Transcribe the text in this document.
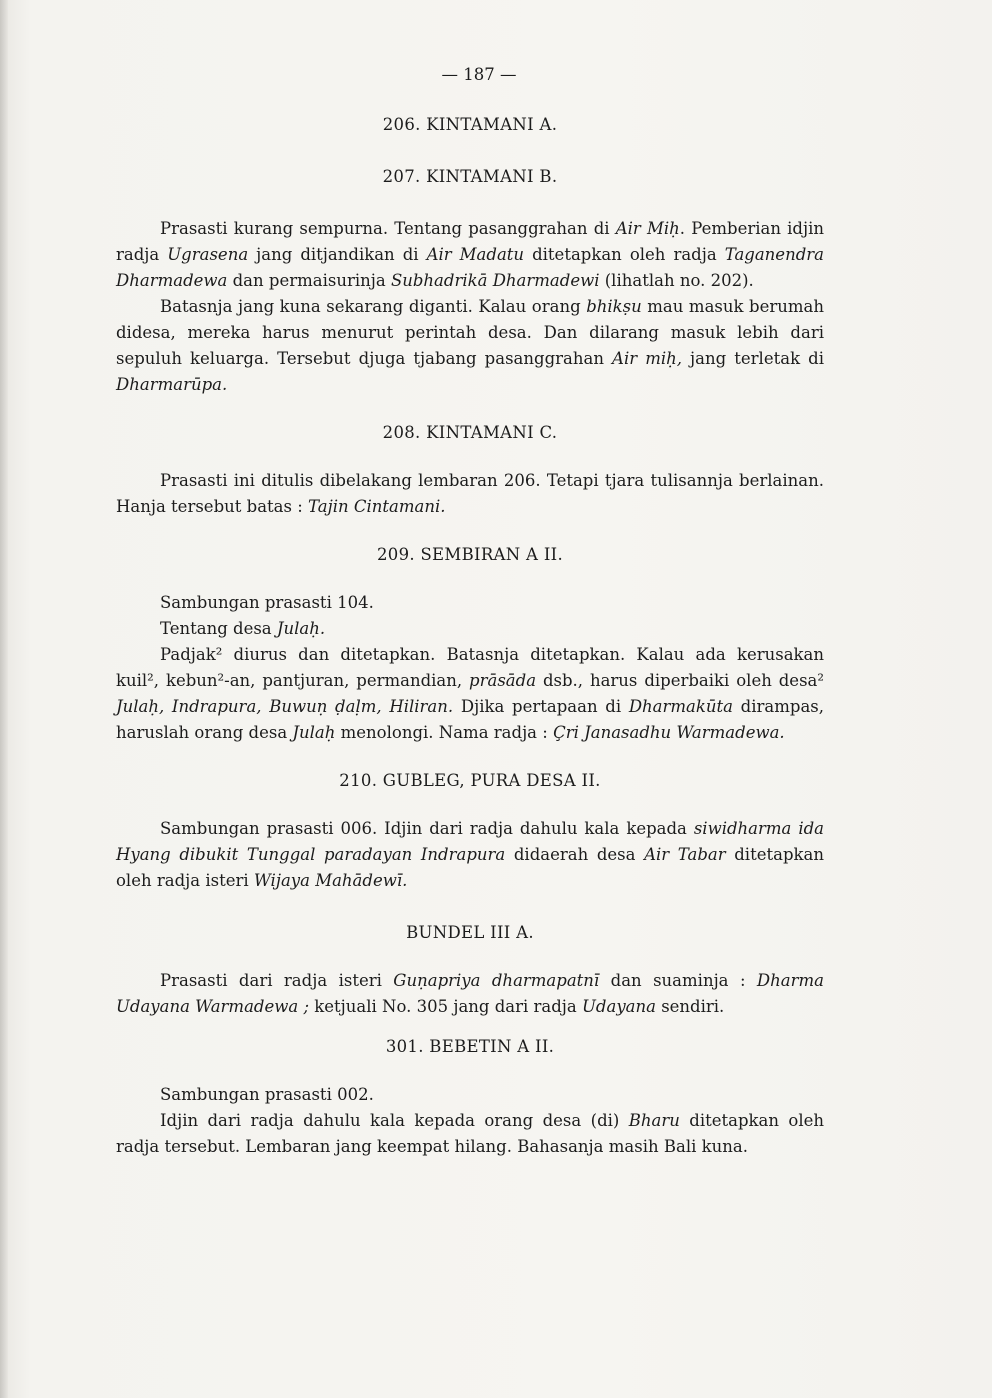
— 187 —

206. KINTAMANI A.

207. KINTAMANI B.

Prasasti kurang sempurna. Tentang pasanggrahan di Air Miḥ. Pemberian idjin radja Ugrasena jang ditjandikan di Air Madatu ditetapkan oleh radja Taganendra Dharmadewa dan permaisurinja Subhadrikā Dharmadewi (lihatlah no. 202).

Batasnja jang kuna sekarang diganti. Kalau orang bhikṣu mau masuk berumah didesa, mereka harus menurut perintah desa. Dan dilarang masuk lebih dari sepuluh keluarga. Tersebut djuga tjabang pasanggrahan Air miḥ, jang terletak di Dharmarūpa.

208. KINTAMANI C.

Prasasti ini ditulis dibelakang lembaran 206. Tetapi tjara tulisannja berlainan. Hanja tersebut batas : Tajin Cintamani.

209. SEMBIRAN A II.

Sambungan prasasti 104.

Tentang desa Julaḥ.

Padjak² diurus dan ditetapkan. Batasnja ditetapkan. Kalau ada kerusakan kuil², kebun²-an, pantjuran, permandian, prāsāda dsb., harus diperbaiki oleh desa² Julaḥ, Indrapura, Buwuṇ ḍaḷm, Hiliran. Djika pertapaan di Dharmakūta dirampas, haruslah orang desa Julaḥ menolongi. Nama radja : Çri Janasadhu Warmadewa.

210. GUBLEG, PURA DESA II.

Sambungan prasasti 006. Idjin dari radja dahulu kala kepada siwidharma ida Hyang dibukit Tunggal paradayan Indrapura didaerah desa Air Tabar ditetapkan oleh radja isteri Wijaya Mahādewī.

BUNDEL III A.

Prasasti dari radja isteri Guṇapriya dharmapatnī dan suaminja : Dharma Udayana Warmadewa ; ketjuali No. 305 jang dari radja Udayana sendiri.

301. BEBETIN A II.

Sambungan prasasti 002.

Idjin dari radja dahulu kala kepada orang desa (di) Bharu ditetapkan oleh radja tersebut. Lembaran jang keempat hilang. Bahasanja masih Bali kuna.
